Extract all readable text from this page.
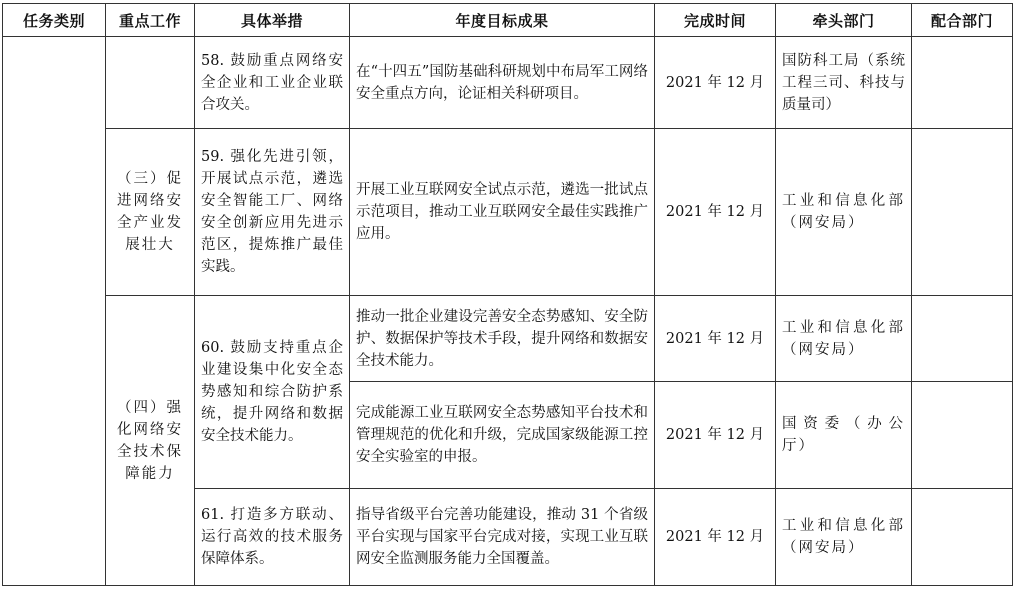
任务类别	重点工作	具体举措	年度目标成果	完成时间	牵头部门	配合部门
		58. 鼓励重点网络安全企业和工业企业联合攻关。	在“十四五”国防基础科研规划中布局军工网络安全重点方向，论证相关科研项目。	2021 年 12 月	国防科工局（系统工程三司、科技与质量司）	
	（三）促进网络安全产业发展壮大	59. 强化先进引领，开展试点示范，遴选安全智能工厂、网络安全创新应用先进示范区，提炼推广最佳实践。	开展工业互联网安全试点示范，遴选一批试点示范项目，推动工业互联网安全最佳实践推广应用。	2021 年 12 月	工业和信息化部（网安局）	
	（四）强化网络安全技术保障能力	60. 鼓励支持重点企业建设集中化安全态势感知和综合防护系统，提升网络和数据安全技术能力。	推动一批企业建设完善安全态势感知、安全防护、数据保护等技术手段，提升网络和数据安全技术能力。	2021 年 12 月	工业和信息化部（网安局）	
			完成能源工业互联网安全态势感知平台技术和管理规范的优化和升级，完成国家级能源工控安全实验室的申报。	2021 年 12 月	国资委（办公厅）	
		61. 打造多方联动、运行高效的技术服务保障体系。	指导省级平台完善功能建设，推动 31 个省级平台实现与国家平台完成对接，实现工业互联网安全监测服务能力全国覆盖。	2021 年 12 月	工业和信息化部（网安局）	
